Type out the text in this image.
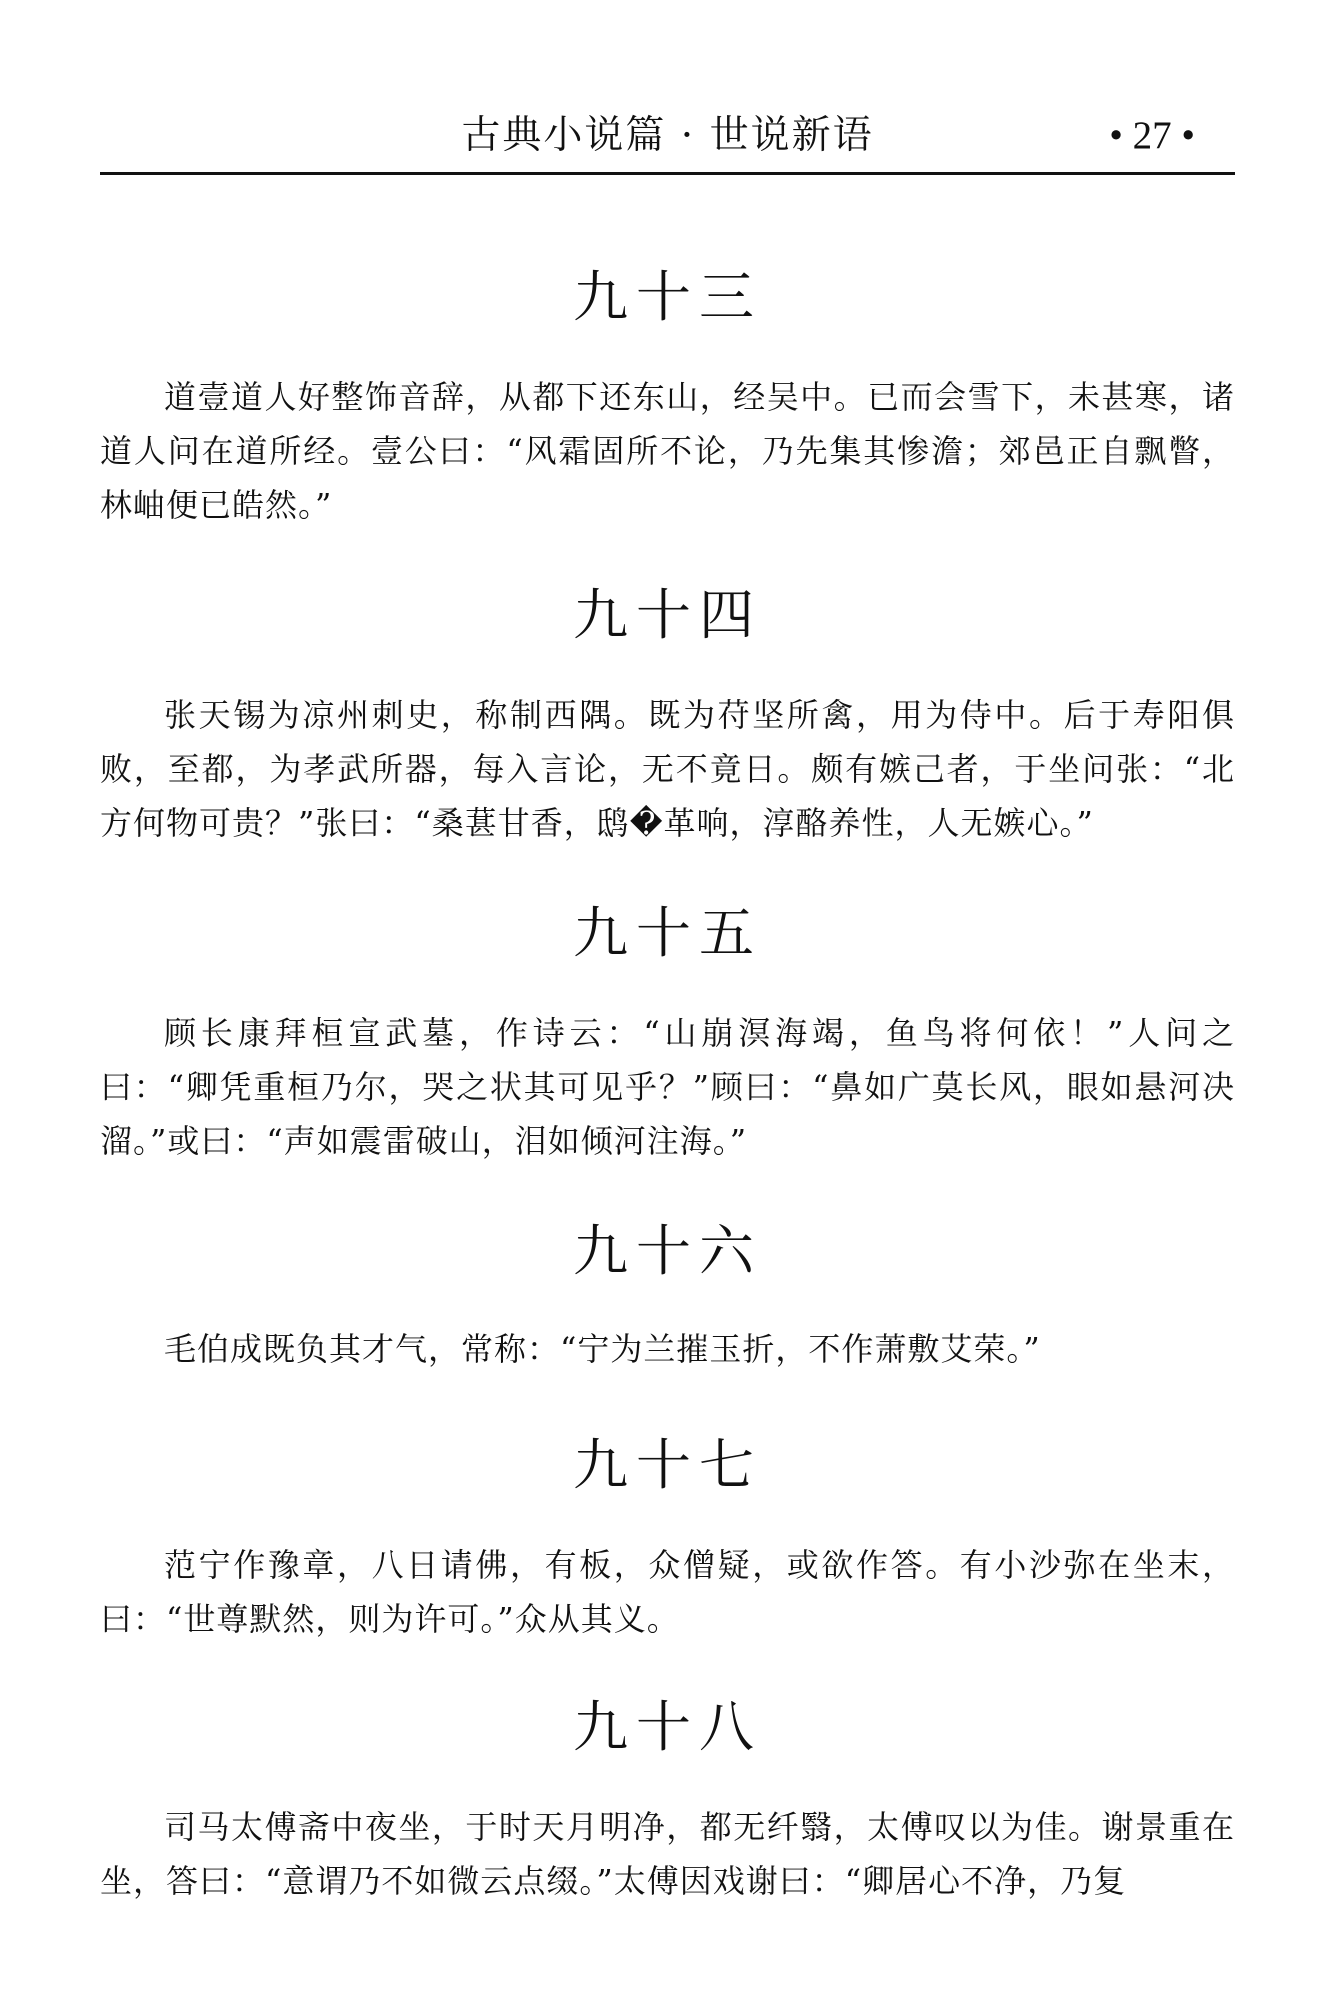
古典小说篇 · 世说新语	• 27 •
九十三

道壹道人好整饰音辞，从都下还东山，经吴中。已而会雪下，未甚寒，诸道人问在道所经。壹公曰：“风霜固所不论，乃先集其惨澹；郊邑正自飘瞥，林岫便已皓然。”

九十四

张天锡为凉州刺史，称制西隅。既为苻坚所禽，用为侍中。后于寿阳俱败，至都，为孝武所器，每入言论，无不竟日。颇有嫉己者，于坐问张：“北方何物可贵？”张曰：“桑葚甘香，鸱�革响，淳酪养性，人无嫉心。”

九十五

顾长康拜桓宣武墓，作诗云：“山崩溟海竭，鱼鸟将何依！”人问之曰：“卿凭重桓乃尔，哭之状其可见乎？”顾曰：“鼻如广莫长风，眼如悬河决溜。”或曰：“声如震雷破山，泪如倾河注海。”

九十六

毛伯成既负其才气，常称：“宁为兰摧玉折，不作萧敷艾荣。”

九十七

范宁作豫章，八日请佛，有板，众僧疑，或欲作答。有小沙弥在坐末，曰：“世尊默然，则为许可。”众从其义。

九十八

司马太傅斋中夜坐，于时天月明净，都无纤翳，太傅叹以为佳。谢景重在坐，答曰：“意谓乃不如微云点缀。”太傅因戏谢曰：“卿居心不净，乃复
